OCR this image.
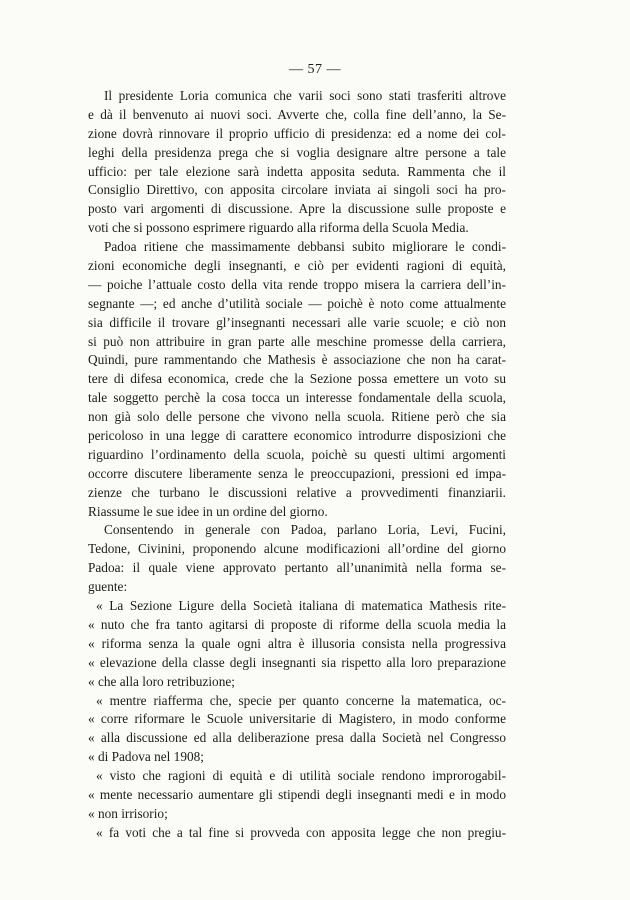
— 57 —
Il presidente Loria comunica che varii soci sono stati trasferiti altrove
e dà il benvenuto ai nuovi soci. Avverte che, colla fine dell’anno, la Se-
zione dovrà rinnovare il proprio ufficio di presidenza: ed a nome dei col-
leghi della presidenza prega che si voglia designare altre persone a tale
ufficio: per tale elezione sarà indetta apposita seduta. Rammenta che il
Consiglio Direttivo, con apposita circolare inviata ai singoli soci ha pro-
posto vari argomenti di discussione. Apre la discussione sulle proposte e
voti che si possono esprimere riguardo alla riforma della Scuola Media.
Padoa ritiene che massimamente debbansi subito migliorare le condi-
zioni economiche degli insegnanti, e ciò per evidenti ragioni di equità,
— poiche l’attuale costo della vita rende troppo misera la carriera dell’in-
segnante —; ed anche d’utilità sociale — poichè è noto come attualmente
sia difficile il trovare gl’insegnanti necessari alle varie scuole; e ciò non
si può non attribuire in gran parte alle meschine promesse della carriera,
Quindi, pure rammentando che Mathesis è associazione che non ha carat-
tere di difesa economica, crede che la Sezione possa emettere un voto su
tale soggetto perchè la cosa tocca un interesse fondamentale della scuola,
non già solo delle persone che vivono nella scuola. Ritiene però che sia
pericoloso in una legge di carattere economico introdurre disposizioni che
riguardino l’ordinamento della scuola, poichè su questi ultimi argomenti
occorre discutere liberamente senza le preoccupazioni, pressioni ed impa-
zienze che turbano le discussioni relative a provvedimenti finanziarii.
Riassume le sue idee in un ordine del giorno.
Consentendo in generale con Padoa, parlano Loria, Levi, Fucini,
Tedone, Civinini, proponendo alcune modificazioni all’ordine del giorno
Padoa: il quale viene approvato pertanto all’unanimità nella forma se-
guente:
« La Sezione Ligure della Società italiana di matematica Mathesis rite-
« nuto che fra tanto agitarsi di proposte di riforme della scuola media la
« riforma senza la quale ogni altra è illusoria consista nella progressiva
« elevazione della classe degli insegnanti sia rispetto alla loro preparazione
« che alla loro retribuzione;
« mentre riafferma che, specie per quanto concerne la matematica, oc-
« corre riformare le Scuole universitarie di Magistero, in modo conforme
« alla discussione ed alla deliberazione presa dalla Società nel Congresso
« di Padova nel 1908;
« visto che ragioni di equità e di utilità sociale rendono improrogabil-
« mente necessario aumentare gli stipendi degli insegnanti medi e in modo
« non irrisorio;
« fa voti che a tal fine si provveda con apposita legge che non pregiu-
